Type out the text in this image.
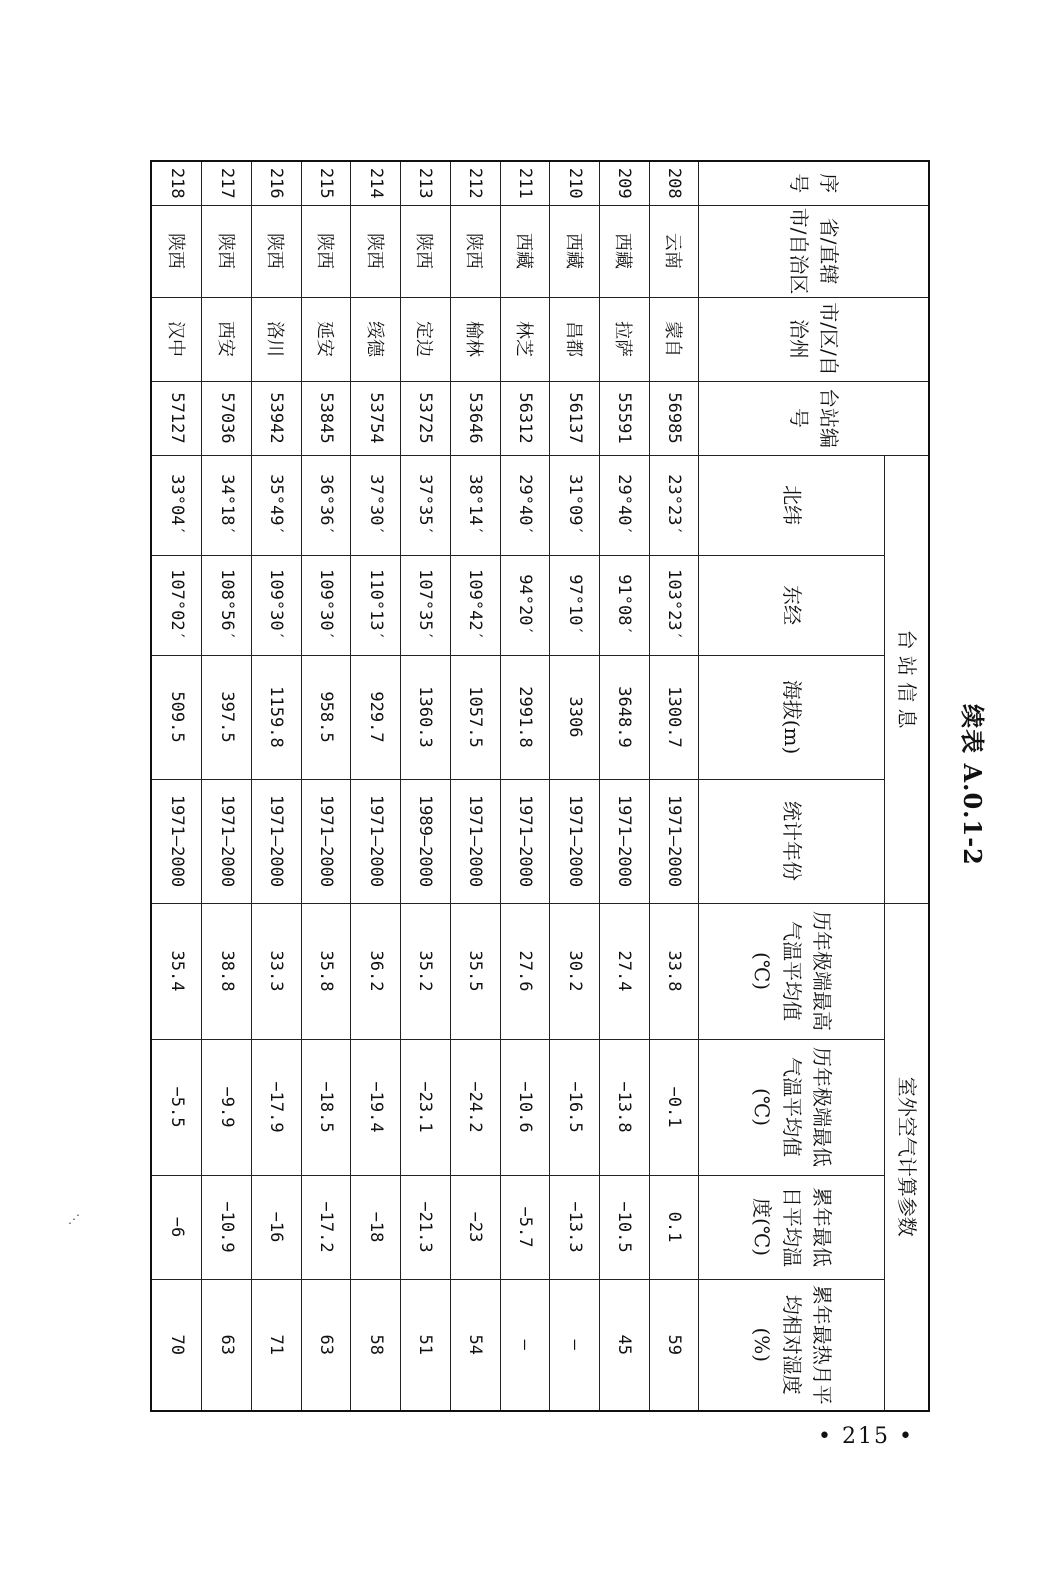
续表 A.0.1-2
序号	省/直辖市/自治区	市/区/自治州	台站编号	台 站 信 息				室外空气计算参数			
				北纬	东经	海拔(m)	统计年份	历年极端最高气温平均值(℃)	历年极端最低气温平均值(℃)	累年最低日平均温度(℃)	累年最热月平均相对湿度(%)
208	云南	蒙自	56985	23°23′	103°23′	1300.7	1971—2000	33.8	−0.1	0.1	59
209	西藏	拉萨	55591	29°40′	91°08′	3648.9	1971—2000	27.4	−13.8	−10.5	45
210	西藏	昌都	56137	31°09′	97°10′	3306	1971—2000	30.2	−16.5	−13.3	—
211	西藏	林芝	56312	29°40′	94°20′	2991.8	1971—2000	27.6	−10.6	−5.7	—
212	陕西	榆林	53646	38°14′	109°42′	1057.5	1971—2000	35.5	−24.2	−23	54
213	陕西	定边	53725	37°35′	107°35′	1360.3	1989—2000	35.2	−23.1	−21.3	51
214	陕西	绥德	53754	37°30′	110°13′	929.7	1971—2000	36.2	−19.4	−18	58
215	陕西	延安	53845	36°36′	109°30′	958.5	1971—2000	35.8	−18.5	−17.2	63
216	陕西	洛川	53942	35°49′	109°30′	1159.8	1971—2000	33.3	−17.9	−16	71
217	陕西	西安	57036	34°18′	108°56′	397.5	1971—2000	38.8	−9.9	−10.9	63
218	陕西	汉中	57127	33°04′	107°02′	509.5	1971—2000	35.4	−5.5	−6	70
⋰
• 215 •
